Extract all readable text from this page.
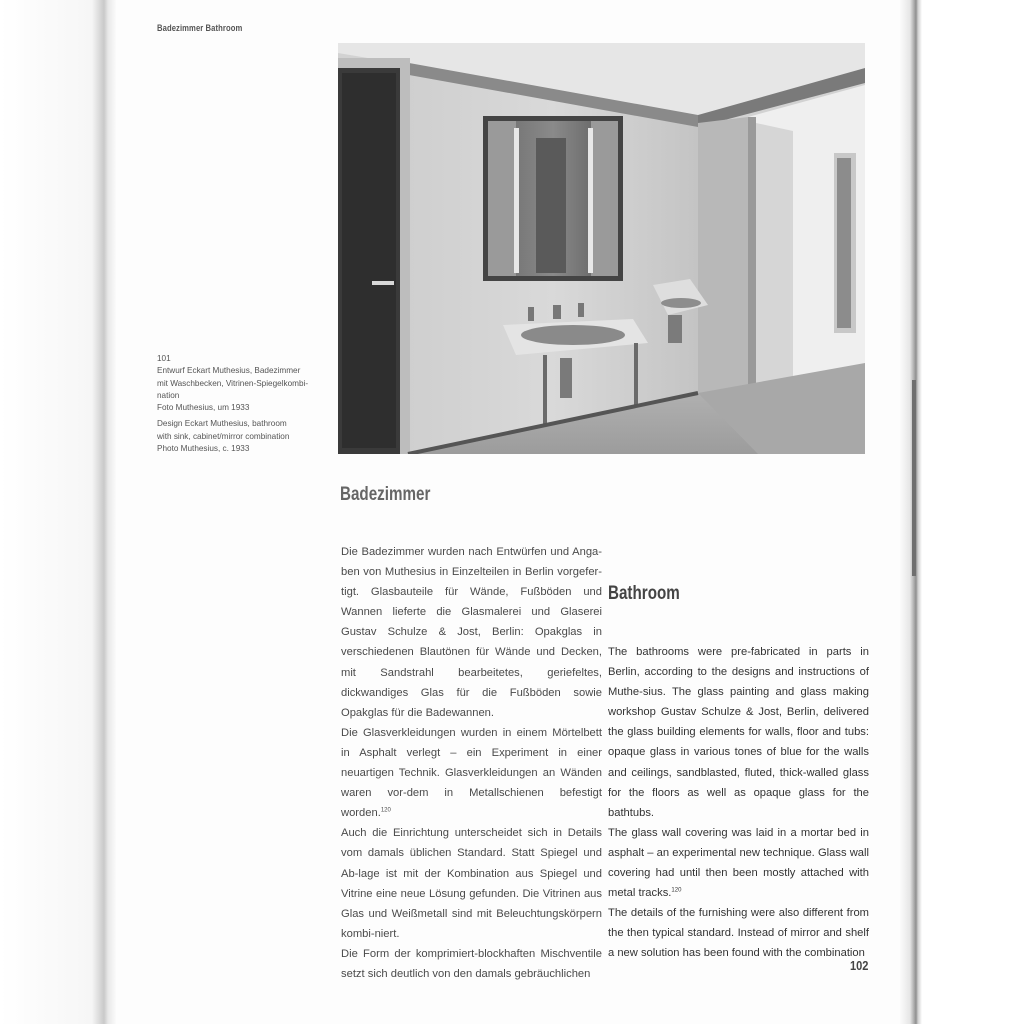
Badezimmer Bathroom
101
Entwurf Eckart Muthesius, Badezimmer
mit Waschbecken, Vitrinen-Spiegelkombi-
nation
Foto Muthesius, um 1933
Design Eckart Muthesius, bathroom
with sink, cabinet/mirror combination
Photo Muthesius, c. 1933
Badezimmer
Bathroom

Die Badezimmer wurden nach Entwürfen und Anga-ben von Muthesius in Einzelteilen in Berlin vorgefer-tigt. Glasbauteile für Wände, Fußböden und Wannen lieferte die Glasmalerei und Glaserei Gustav Schulze & Jost, Berlin: Opakglas in verschiedenen Blautönen für Wände und Decken, mit Sandstrahl bearbeitetes, geriefeltes, dickwandiges Glas für die Fußböden sowie Opakglas für die Badewannen.

Die Glasverkleidungen wurden in einem Mörtelbett in Asphalt verlegt – ein Experiment in einer neuartigen Technik. Glasverkleidungen an Wänden waren vor-dem in Metallschienen befestigt worden.$^{120}$

Auch die Einrichtung unterscheidet sich in Details vom damals üblichen Standard. Statt Spiegel und Ab-lage ist mit der Kombination aus Spiegel und Vitrine eine neue Lösung gefunden. Die Vitrinen aus Glas und Weißmetall sind mit Beleuchtungskörpern kombi-niert.

Die Form der komprimiert-blockhaften Mischventile setzt sich deutlich von den damals gebräuchlichen

The bathrooms were pre-fabricated in parts in Berlin, according to the designs and instructions of Muthe-sius. The glass painting and glass making workshop Gustav Schulze & Jost, Berlin, delivered the glass building elements for walls, floor and tubs: opaque glass in various tones of blue for the walls and ceilings, sandblasted, fluted, thick-walled glass for the floors as well as opaque glass for the bathtubs.

The glass wall covering was laid in a mortar bed in asphalt – an experimental new technique. Glass wall covering had until then been mostly attached with metal tracks.$^{120}$

The details of the furnishing were also different from the then typical standard. Instead of mirror and shelf a new solution has been found with the combination

102
